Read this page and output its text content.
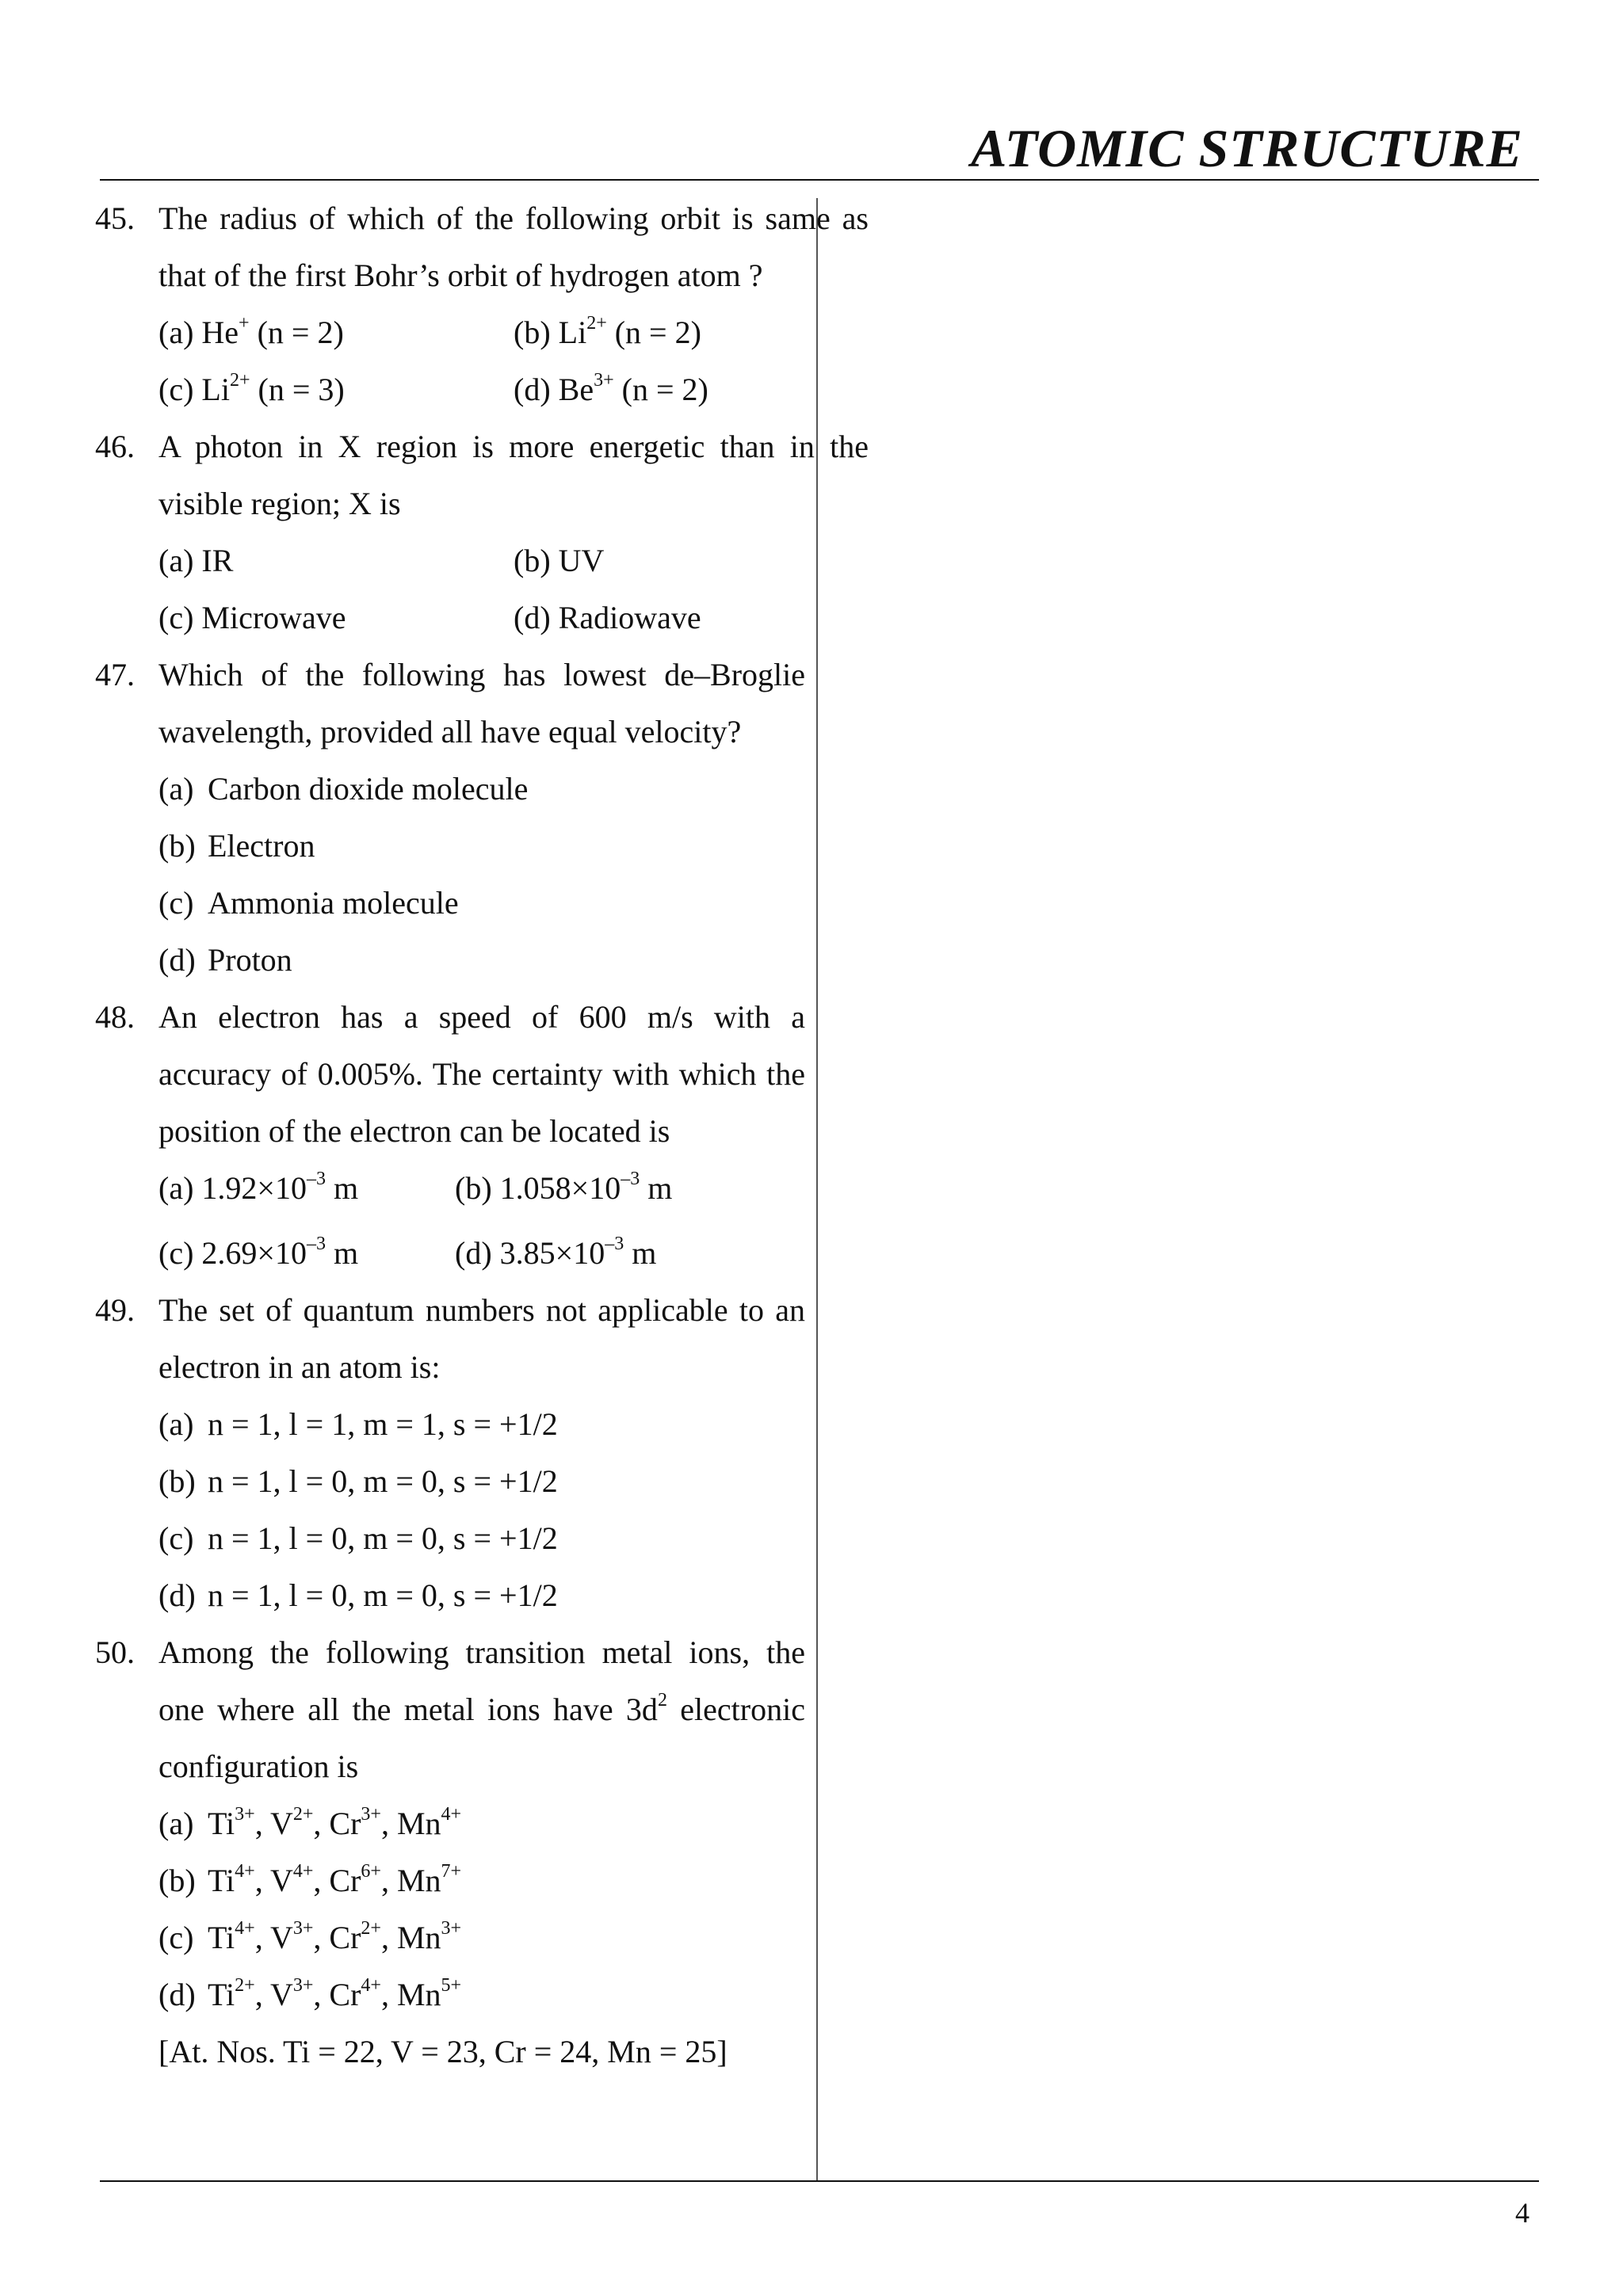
ATOMIC STRUCTURE
45. The radius of which of the following orbit is same as that of the first Bohr’s orbit of hydrogen atom ?
(a) He+ (n = 2)	(b) $Li^{2+}$ (n = 2)
(c) $Li^{2+}$ (n = 3)	(d) $Be^{3+}$ (n = 2)
46. A photon in X region is more energetic than in the visible region; X is
(a) IR	(b) UV
(c) Microwave	(d) Radiowave
47. Which of the following has lowest de–Broglie wavelength, provided all have equal velocity?
(a) Carbon dioxide molecule
(b) Electron
(c) Ammonia molecule
(d) Proton
48. An electron has a speed of 600 m/s with a accuracy of 0.005%. The certainty with which the position of the electron can be located is
(a) $1.92\times 10^{-3}$ m	(b) $1.058\times 10^{-3}$ m
(c) $2.69\times 10^{-3}$ m	(d) $3.85\times 10^{-3}$ m
49. The set of quantum numbers not applicable to an electron in an atom is:
(a) n = 1, l = 1, m = 1, s = +1/2
(b) n = 1, l = 0, m = 0, s = +1/2
(c) n = 1, l = 0, m = 0, s = +1/2
(d) n = 1, l = 0, m = 0, s = +1/2
50. Among the following transition metal ions, the one where all the metal ions have $3d^2$ electronic configuration is
(a) $Ti^{3+}$, $V^{2+}$, $Cr^{3+}$, $Mn^{4+}$
(b) $Ti^{4+}$, $V^{4+}$, $Cr^{6+}$, $Mn^{7+}$
(c) $Ti^{4+}$, $V^{3+}$, $Cr^{2+}$, $Mn^{3+}$
(d) $Ti^{2+}$, $V^{3+}$, $Cr^{4+}$, $Mn^{5+}$
[At. Nos. Ti = 22, V = 23, Cr = 24, Mn = 25]
4
